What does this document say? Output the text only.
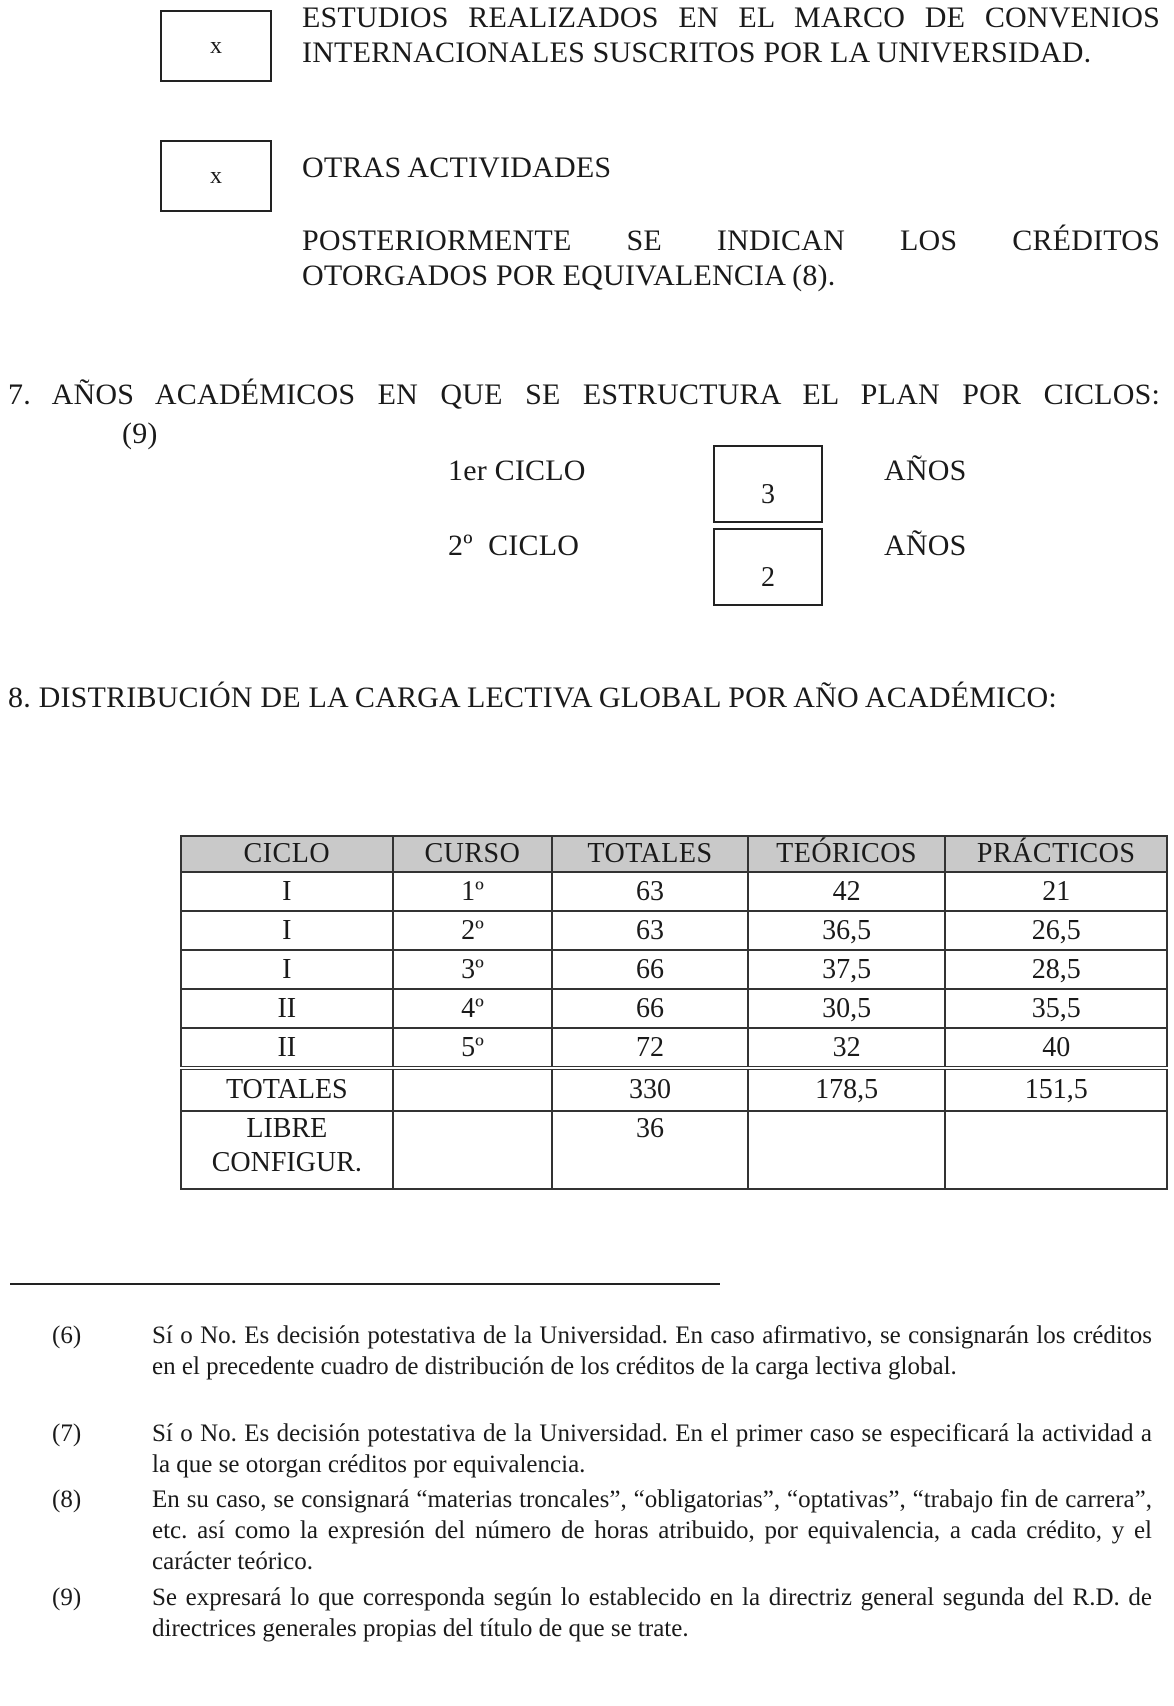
x
ESTUDIOS REALIZADOS EN EL MARCO DE CONVENIOS INTERNACIONALES SUSCRITOS POR LA UNIVERSIDAD.
x	OTRAS ACTIVIDADES
POSTERIORMENTE SE INDICAN LOS CRÉDITOS OTORGADOS POR EQUIVALENCIA (8).
7. AÑOS ACADÉMICOS EN QUE SE ESTRUCTURA EL PLAN POR CICLOS:
(9)
1er CICLO
3
AÑOS
2º  CICLO
2
AÑOS
8. DISTRIBUCIÓN DE LA CARGA LECTIVA GLOBAL POR AÑO ACADÉMICO:
CICLO	CURSO	TOTALES	TEÓRICOS	PRÁCTICOS
I	1º	63	42	21
I	2º	63	36,5	26,5
I	3º	66	37,5	28,5
II	4º	66	30,5	35,5
II	5º	72	32	40
TOTALES		330	178,5	151,5
LIBRE CONFIGUR.		36		
(6)	Sí o No. Es decisión potestativa de la Universidad. En caso afirmativo, se consignarán los créditos en el precedente cuadro de distribución de los créditos de la carga lectiva global.
(7)	Sí o No. Es decisión potestativa de la Universidad. En el primer caso se especificará la actividad a la que se otorgan créditos por equivalencia.
(8)	En su caso, se consignará “materias troncales”, “obligatorias”, “optativas”, “trabajo fin de carrera”, etc. así como la expresión del número de horas atribuido, por equivalencia, a cada crédito, y el carácter teórico.
(9)	Se expresará lo que corresponda según lo establecido en la directriz general segunda del R.D. de directrices generales propias del título de que se trate.
